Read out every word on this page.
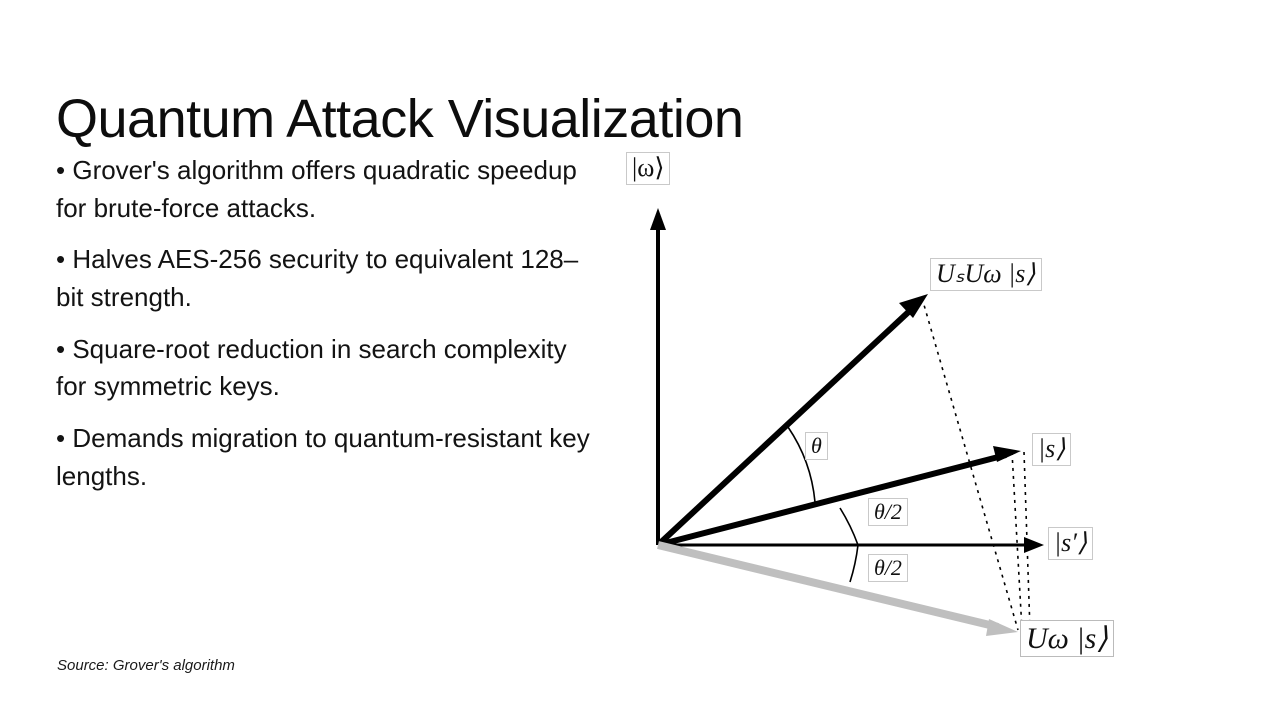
Quantum Attack Visualization
• Grover's algorithm offers quadratic speedup for brute-force attacks.
• Halves AES-256 security to equivalent 128–bit strength.
• Square-root reduction in search complexity for symmetric keys.
• Demands migration to quantum-resistant key lengths.
Source: Grover's algorithm
|ω⟩
UₛUω |s⟩
|s⟩
|s′⟩
Uω |s⟩
θ
θ/2
θ/2
